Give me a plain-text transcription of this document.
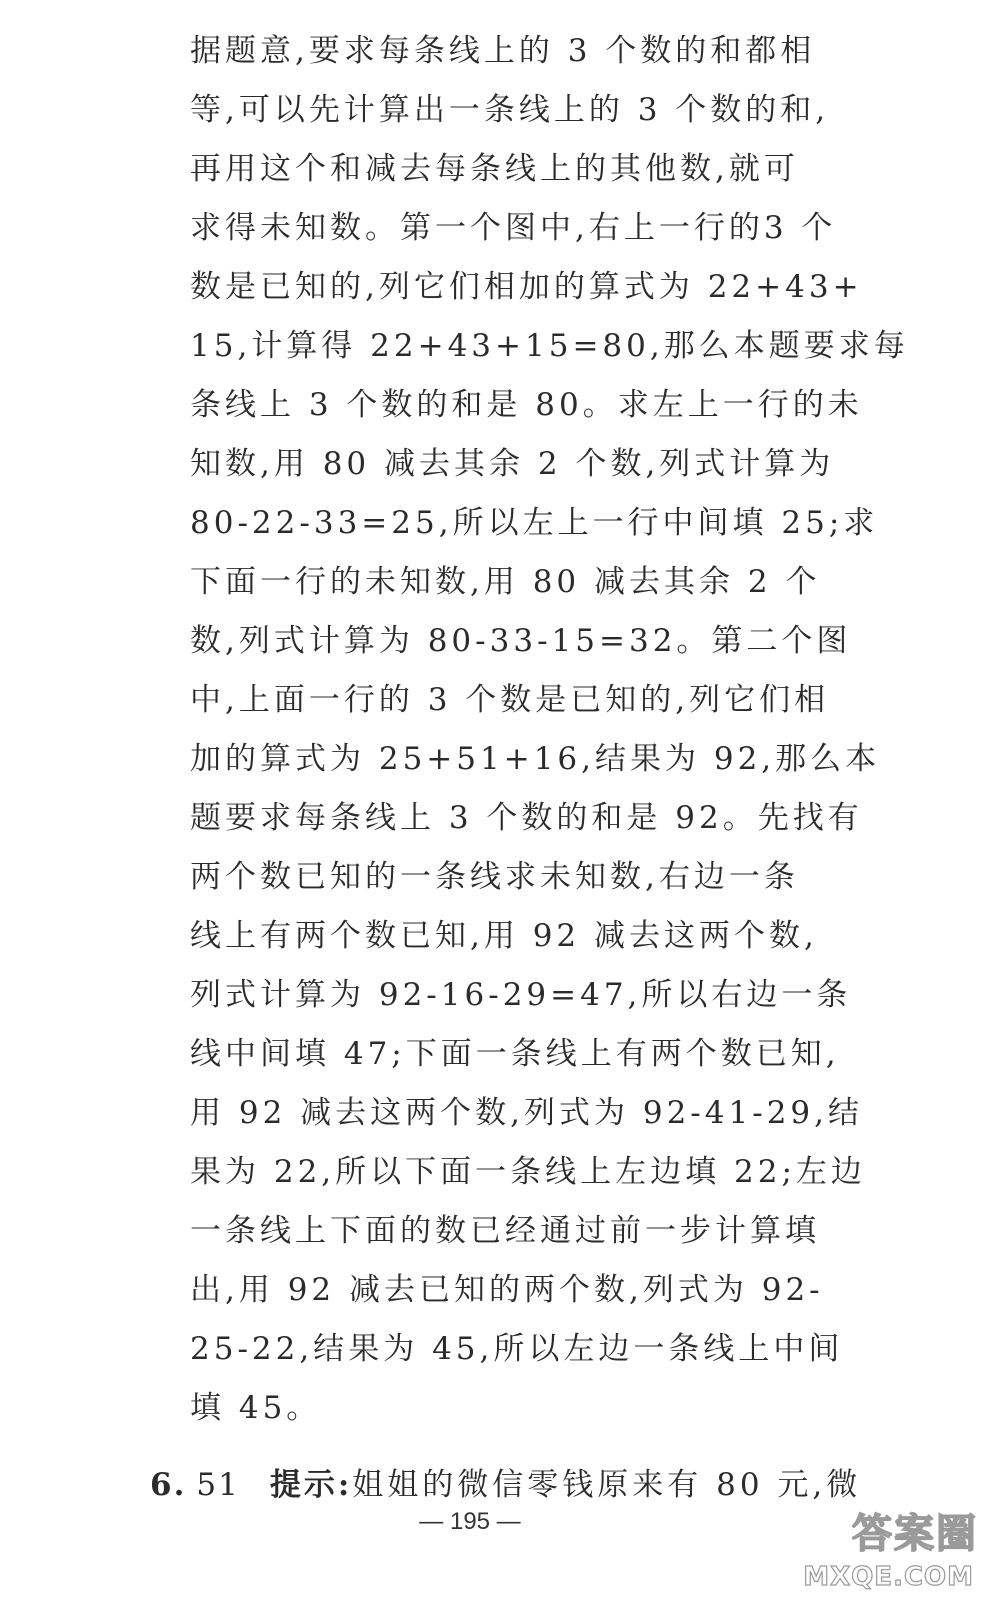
据题意,要求每条线上的 3 个数的和都相
等,可以先计算出一条线上的 3 个数的和,
再用这个和减去每条线上的其他数,就可
求得未知数。第一个图中,右上一行的3 个
数是已知的,列它们相加的算式为 22+43+
15,计算得 22+43+15=80,那么本题要求每
条线上 3 个数的和是 80。求左上一行的未
知数,用 80 减去其余 2 个数,列式计算为
80-22-33=25,所以左上一行中间填 25;求
下面一行的未知数,用 80 减去其余 2 个
数,列式计算为 80-33-15=32。第二个图
中,上面一行的 3 个数是已知的,列它们相
加的算式为 25+51+16,结果为 92,那么本
题要求每条线上 3 个数的和是 92。先找有
两个数已知的一条线求未知数,右边一条
线上有两个数已知,用 92 减去这两个数,
列式计算为 92-16-29=47,所以右边一条
线中间填 47;下面一条线上有两个数已知,
用 92 减去这两个数,列式为 92-41-29,结
果为 22,所以下面一条线上左边填 22;左边
一条线上下面的数已经通过前一步计算填
出,用 92 减去已知的两个数,列式为 92-
25-22,结果为 45,所以左边一条线上中间
填 45。
6. 51 提示:姐姐的微信零钱原来有 80 元,微
— 195 —	答案圈
MXQE.COM
